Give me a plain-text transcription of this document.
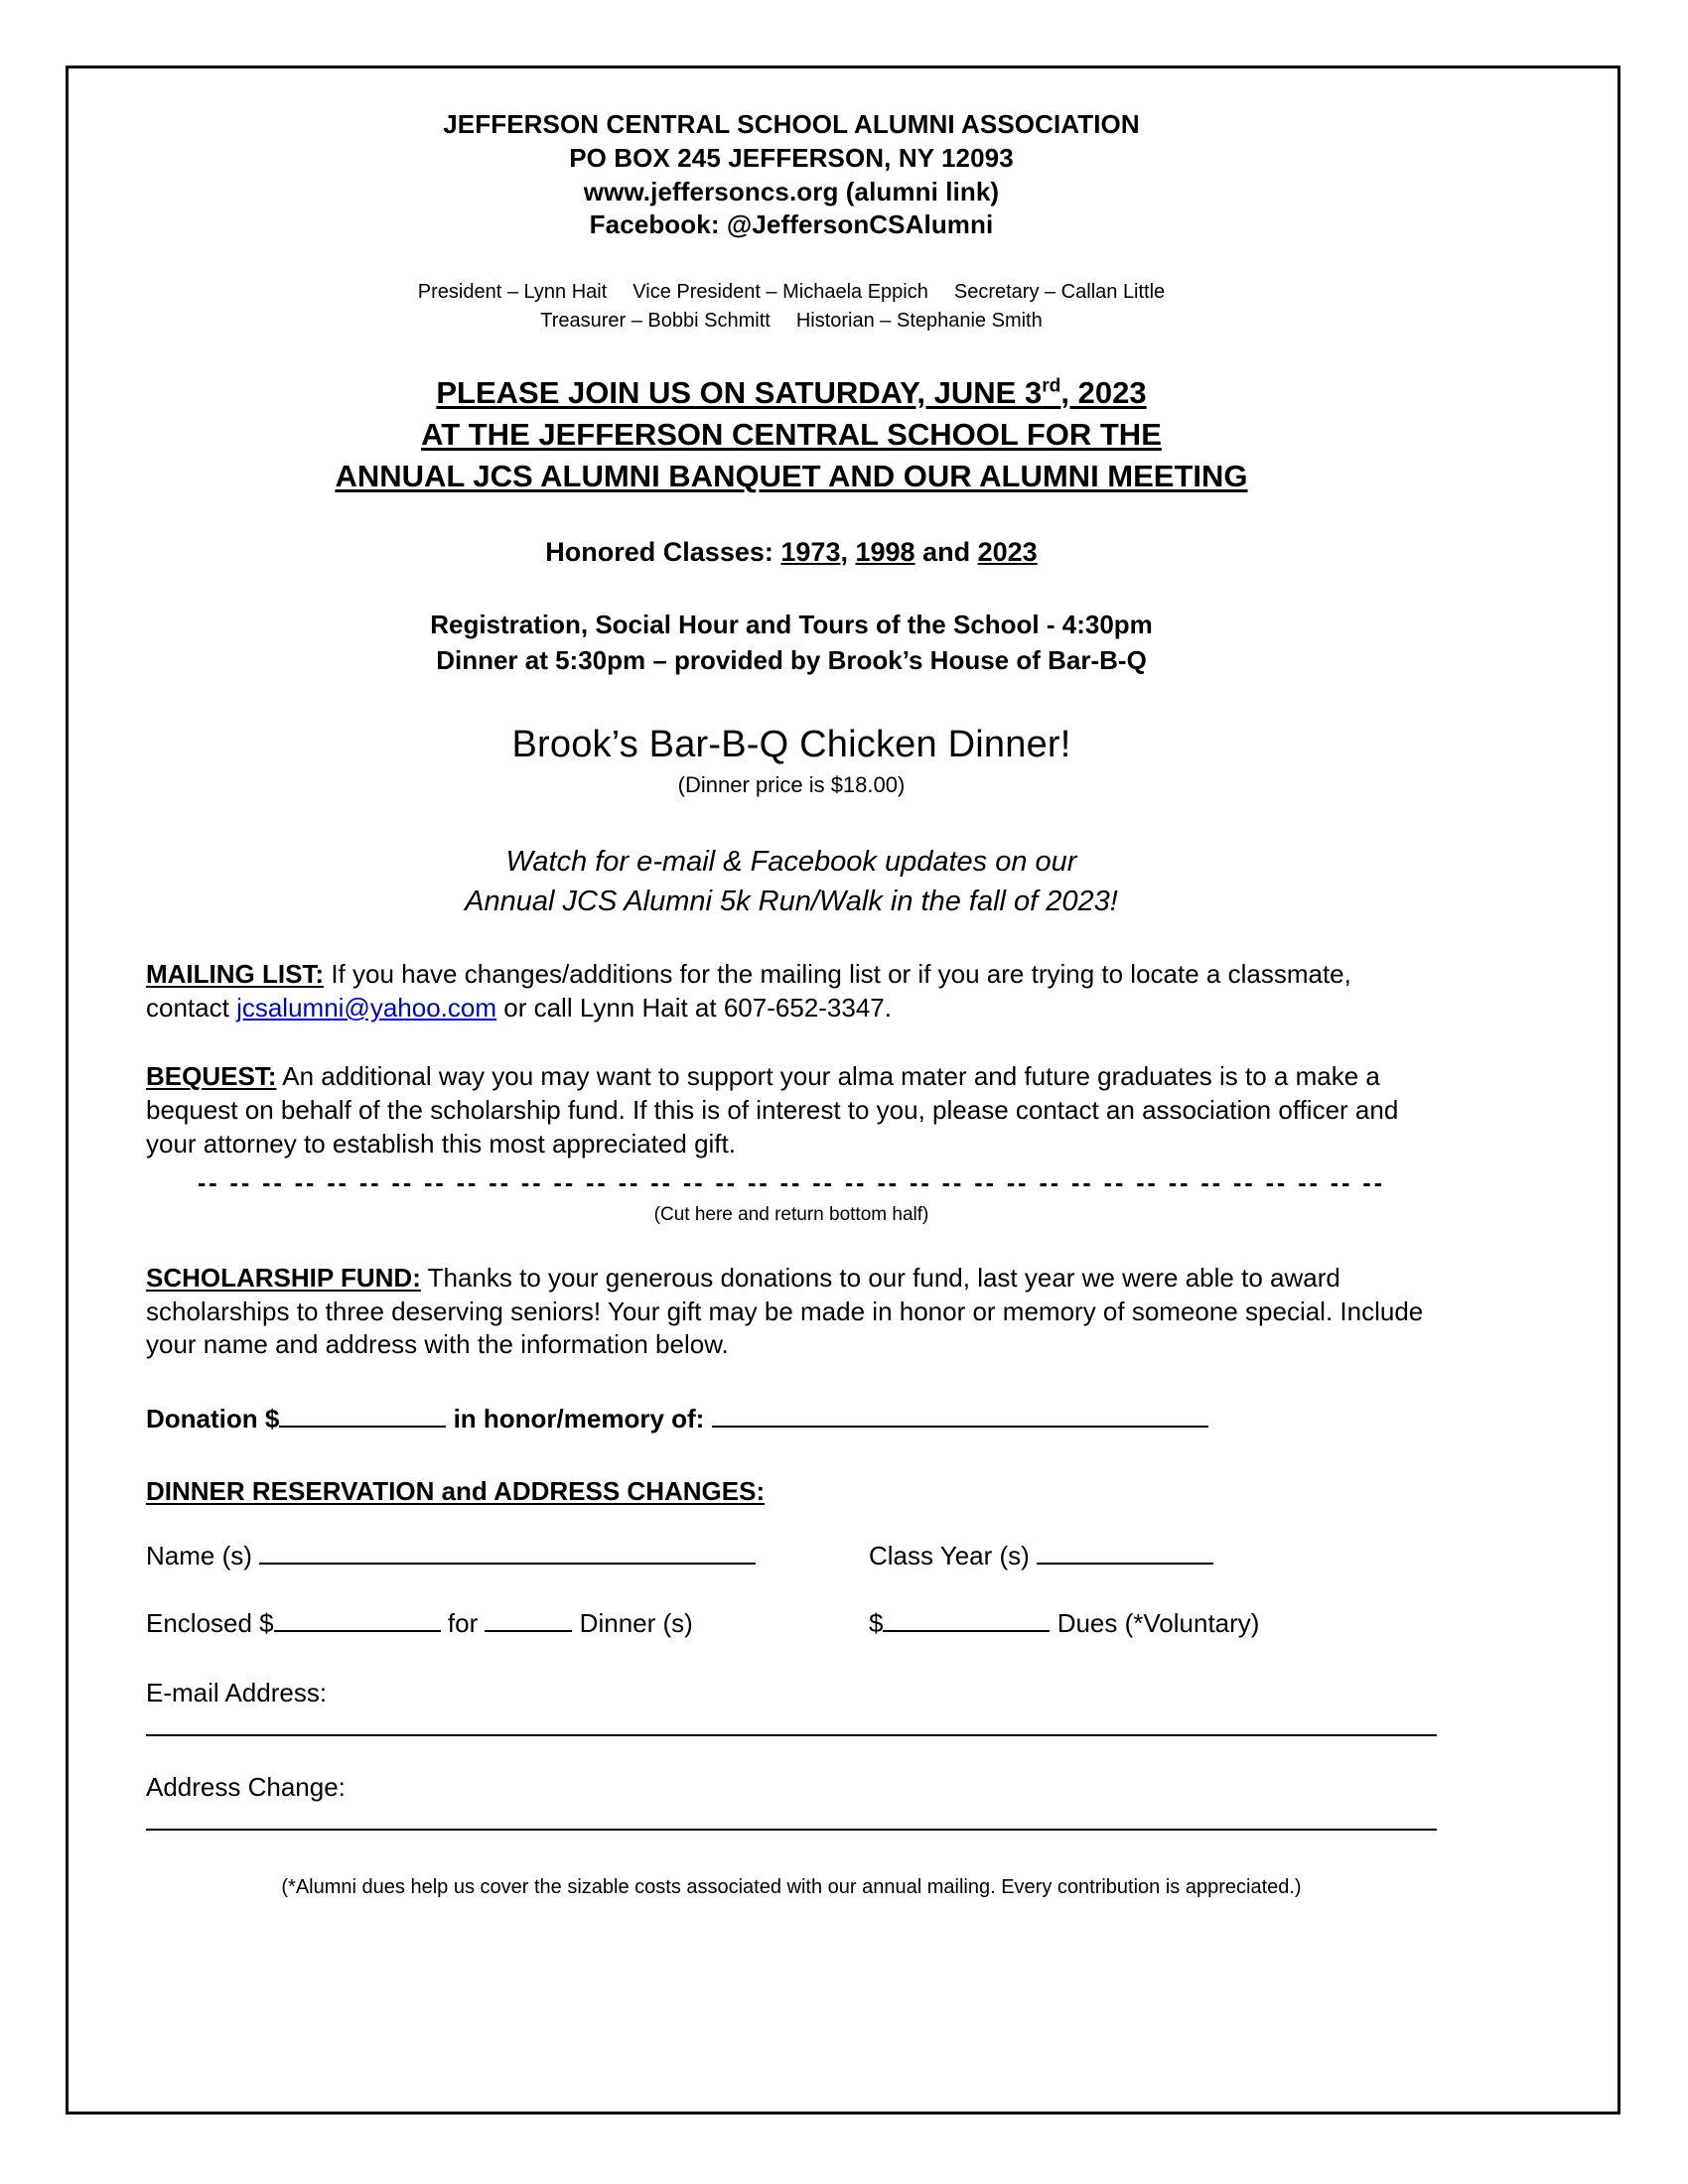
JEFFERSON CENTRAL SCHOOL ALUMNI ASSOCIATION
PO BOX 245 JEFFERSON, NY 12093
www.jeffersoncs.org (alumni link)
Facebook: @JeffersonCSAlumni
President – Lynn Hait Vice President – Michaela Eppich Secretary – Callan Little
Treasurer – Bobbi Schmitt Historian – Stephanie Smith
PLEASE JOIN US ON SATURDAY, JUNE 3rd, 2023
AT THE JEFFERSON CENTRAL SCHOOL FOR THE
ANNUAL JCS ALUMNI BANQUET AND OUR ALUMNI MEETING
Honored Classes: 1973, 1998 and 2023
Registration, Social Hour and Tours of the School - 4:30pm
Dinner at 5:30pm – provided by Brook’s House of Bar-B-Q
Brook’s Bar-B-Q Chicken Dinner!
(Dinner price is $18.00)
Watch for e-mail & Facebook updates on our
Annual JCS Alumni 5k Run/Walk in the fall of 2023!
MAILING LIST: If you have changes/additions for the mailing list or if you are trying to locate a classmate, contact jcsalumni@yahoo.com or call Lynn Hait at 607-652-3347.
BEQUEST: An additional way you may want to support your alma mater and future graduates is to a make a bequest on behalf of the scholarship fund. If this is of interest to you, please contact an association officer and your attorney to establish this most appreciated gift.
-- -- -- -- -- -- -- -- -- -- -- -- -- -- -- -- -- -- -- -- -- -- -- -- -- -- -- -- -- -- -- -- -- -- -- -- --
(Cut here and return bottom half)
SCHOLARSHIP FUND: Thanks to your generous donations to our fund, last year we were able to award scholarships to three deserving seniors! Your gift may be made in honor or memory of someone special. Include your name and address with the information below.
Donation $	in honor/memory of:
DINNER RESERVATION and ADDRESS CHANGES:
Name (s)	Class Year (s)
Enclosed $	for	Dinner (s)	$	Dues (*Voluntary)
E-mail Address:
Address Change:
(*Alumni dues help us cover the sizable costs associated with our annual mailing. Every contribution is appreciated.)
